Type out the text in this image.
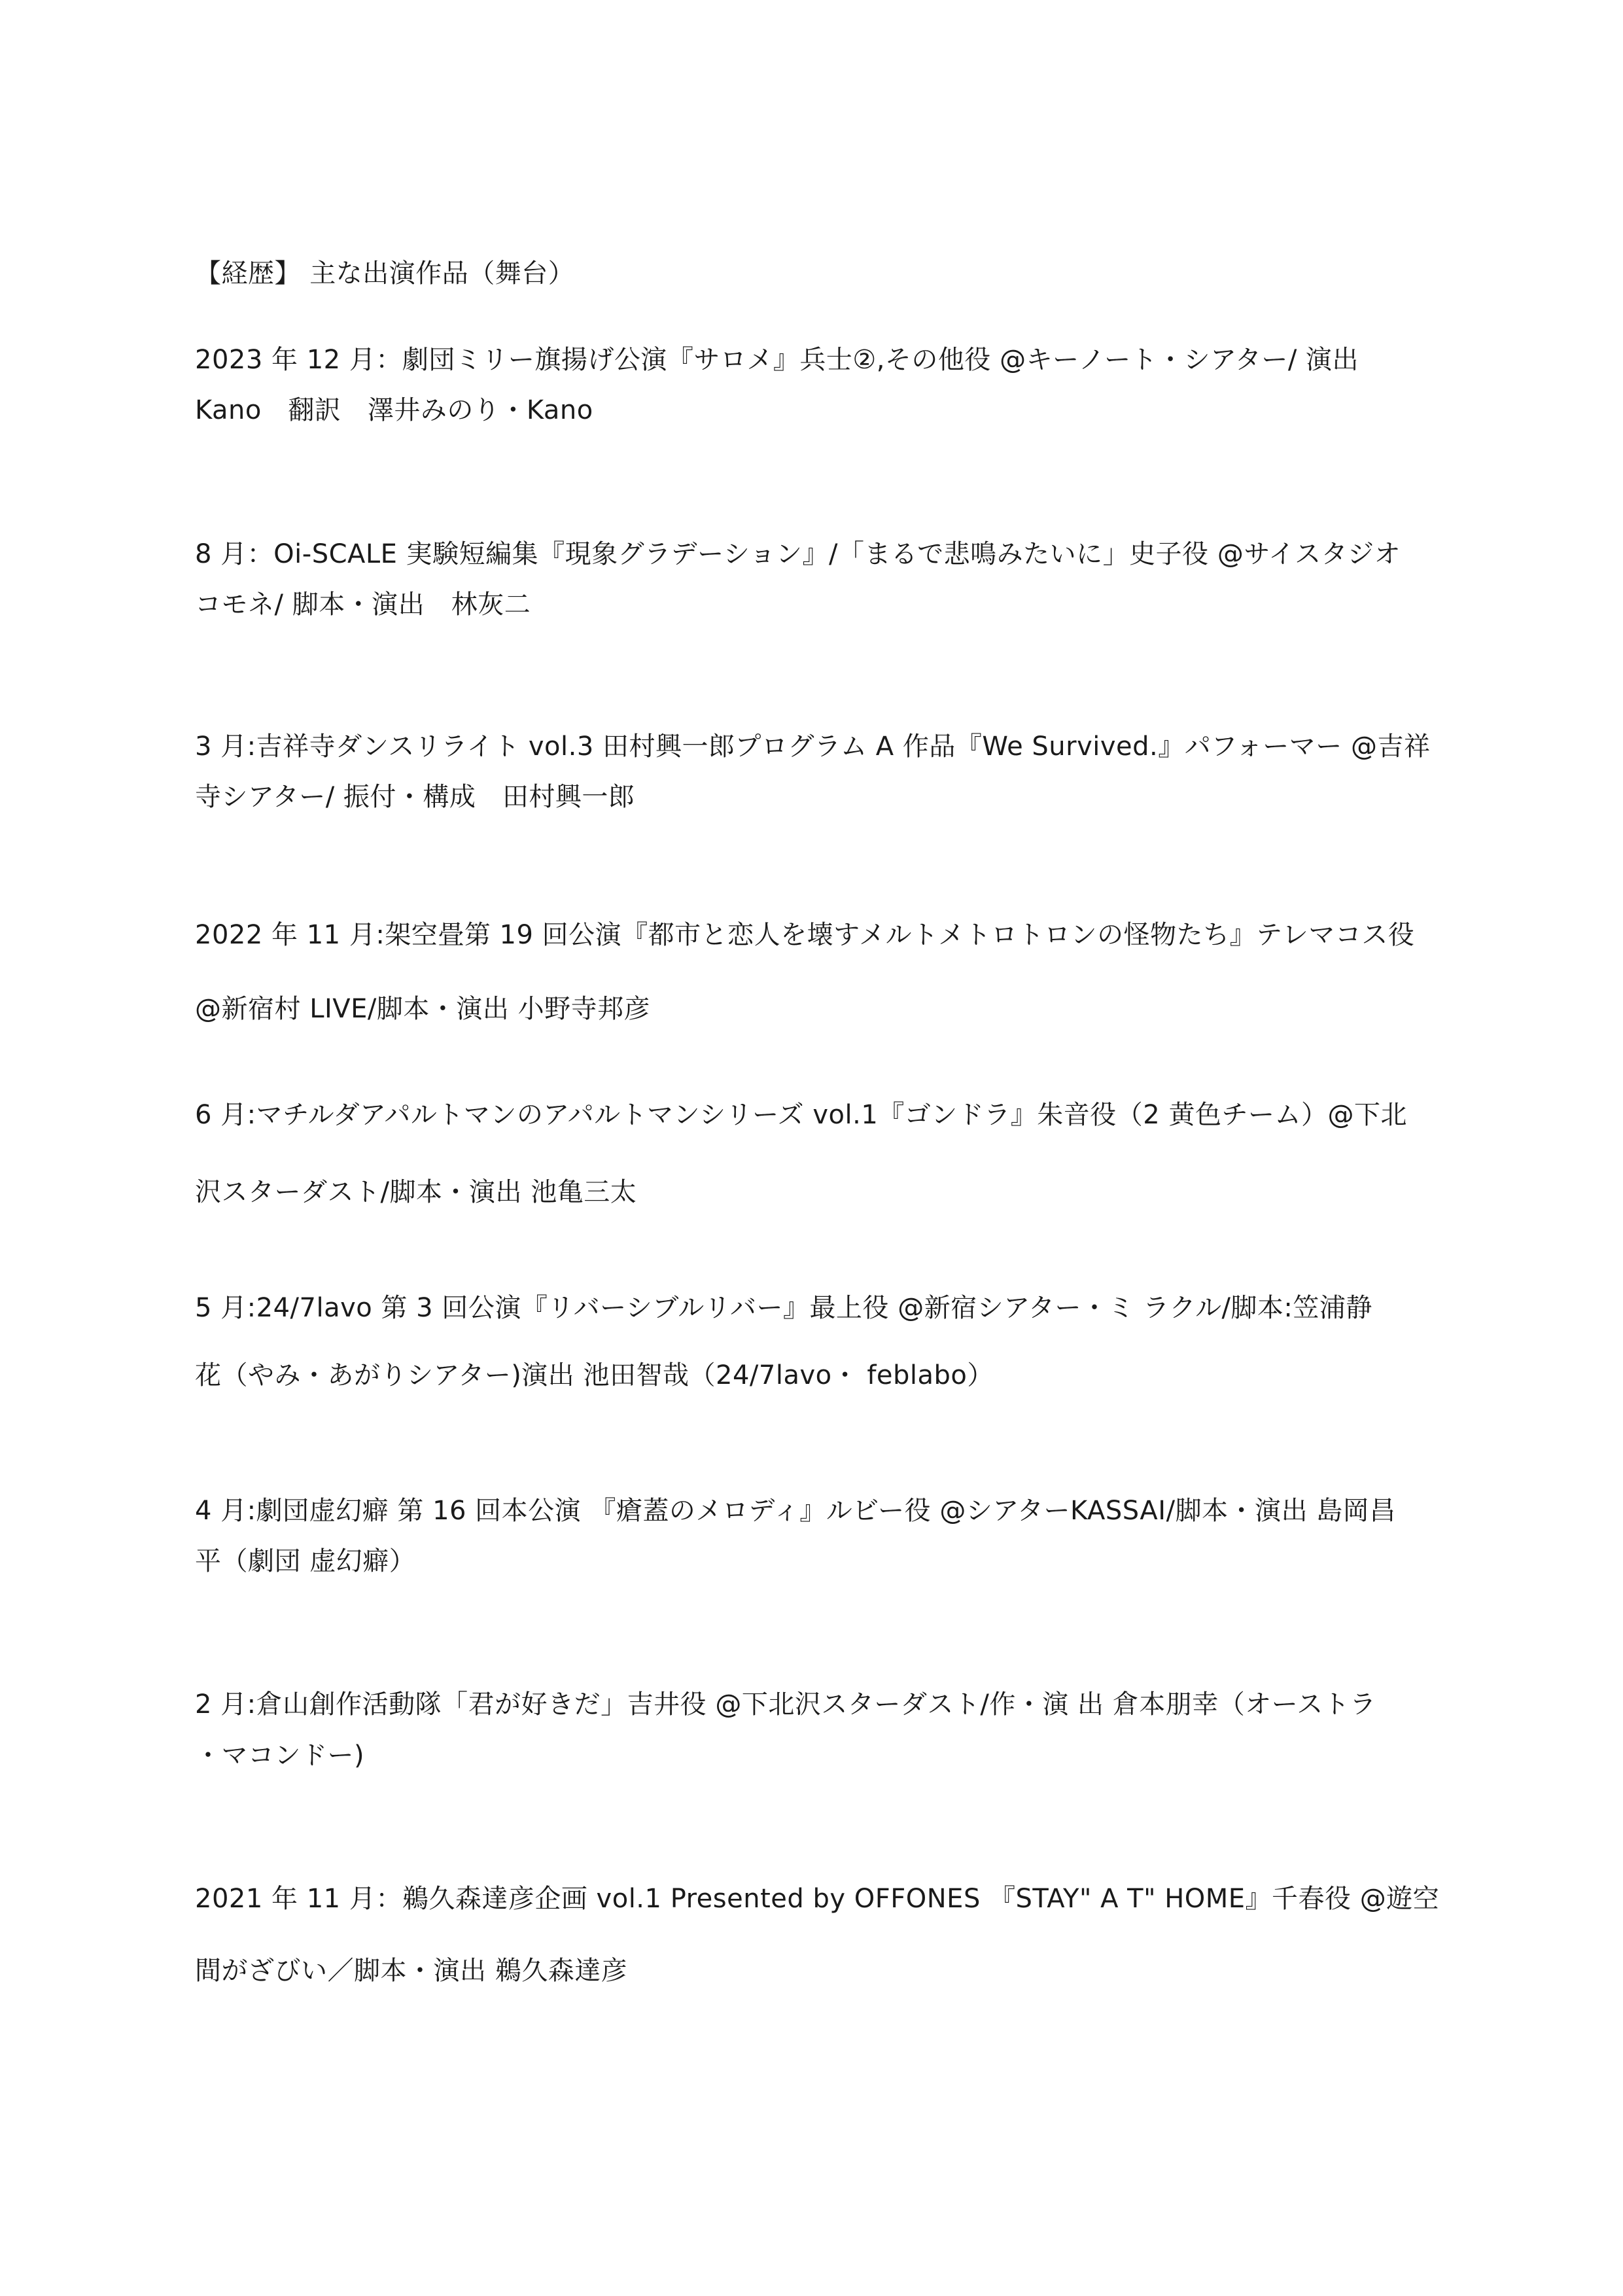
【経歴】 主な出演作品（舞台）
2023 年 12 月：劇団ミリー旗揚げ公演『サロメ』兵士②,その他役 @キーノート・シアター/ 演出
Kano　翻訳　澤井みのり・Kano
8 月：Oi-SCALE 実験短編集『現象グラデーション』/「まるで悲鳴みたいに」史子役 @サイスタジオ
コモネ/ 脚本・演出　林灰二
3 月:吉祥寺ダンスリライト vol.3 田村興一郎プログラム A 作品『We Survived.』パフォーマー @吉祥
寺シアター/ 振付・構成　田村興一郎
2022 年 11 月:架空畳第 19 回公演『都市と恋人を壊すメルトメトロトロンの怪物たち』テレマコス役
@新宿村 LIVE/脚本・演出 小野寺邦彦
6 月:マチルダアパルトマンのアパルトマンシリーズ vol.1『ゴンドラ』朱音役（2 黄色チーム）@下北
沢スターダスト/脚本・演出 池亀三太
5 月:24/7lavo 第 3 回公演『リバーシブルリバー』最上役 @新宿シアター・ミ ラクル/脚本:笠浦静
花（やみ・あがりシアター)演出 池田智哉（24/7lavo・ feblabo）
4 月:劇団虚幻癖 第 16 回本公演 『瘡蓋のメロディ』ルビー役 @シアターKASSAI/脚本・演出 島岡昌
平（劇団 虚幻癖）
2 月:倉山創作活動隊「君が好きだ」吉井役 @下北沢スターダスト/作・演 出 倉本朋幸（オーストラ
・マコンドー)
2021 年 11 月：鵜久森達彦企画 vol.1 Presented by OFFONES 『STAY" A T" HOME』千春役 @遊空
間がざびい／脚本・演出 鵜久森達彦
